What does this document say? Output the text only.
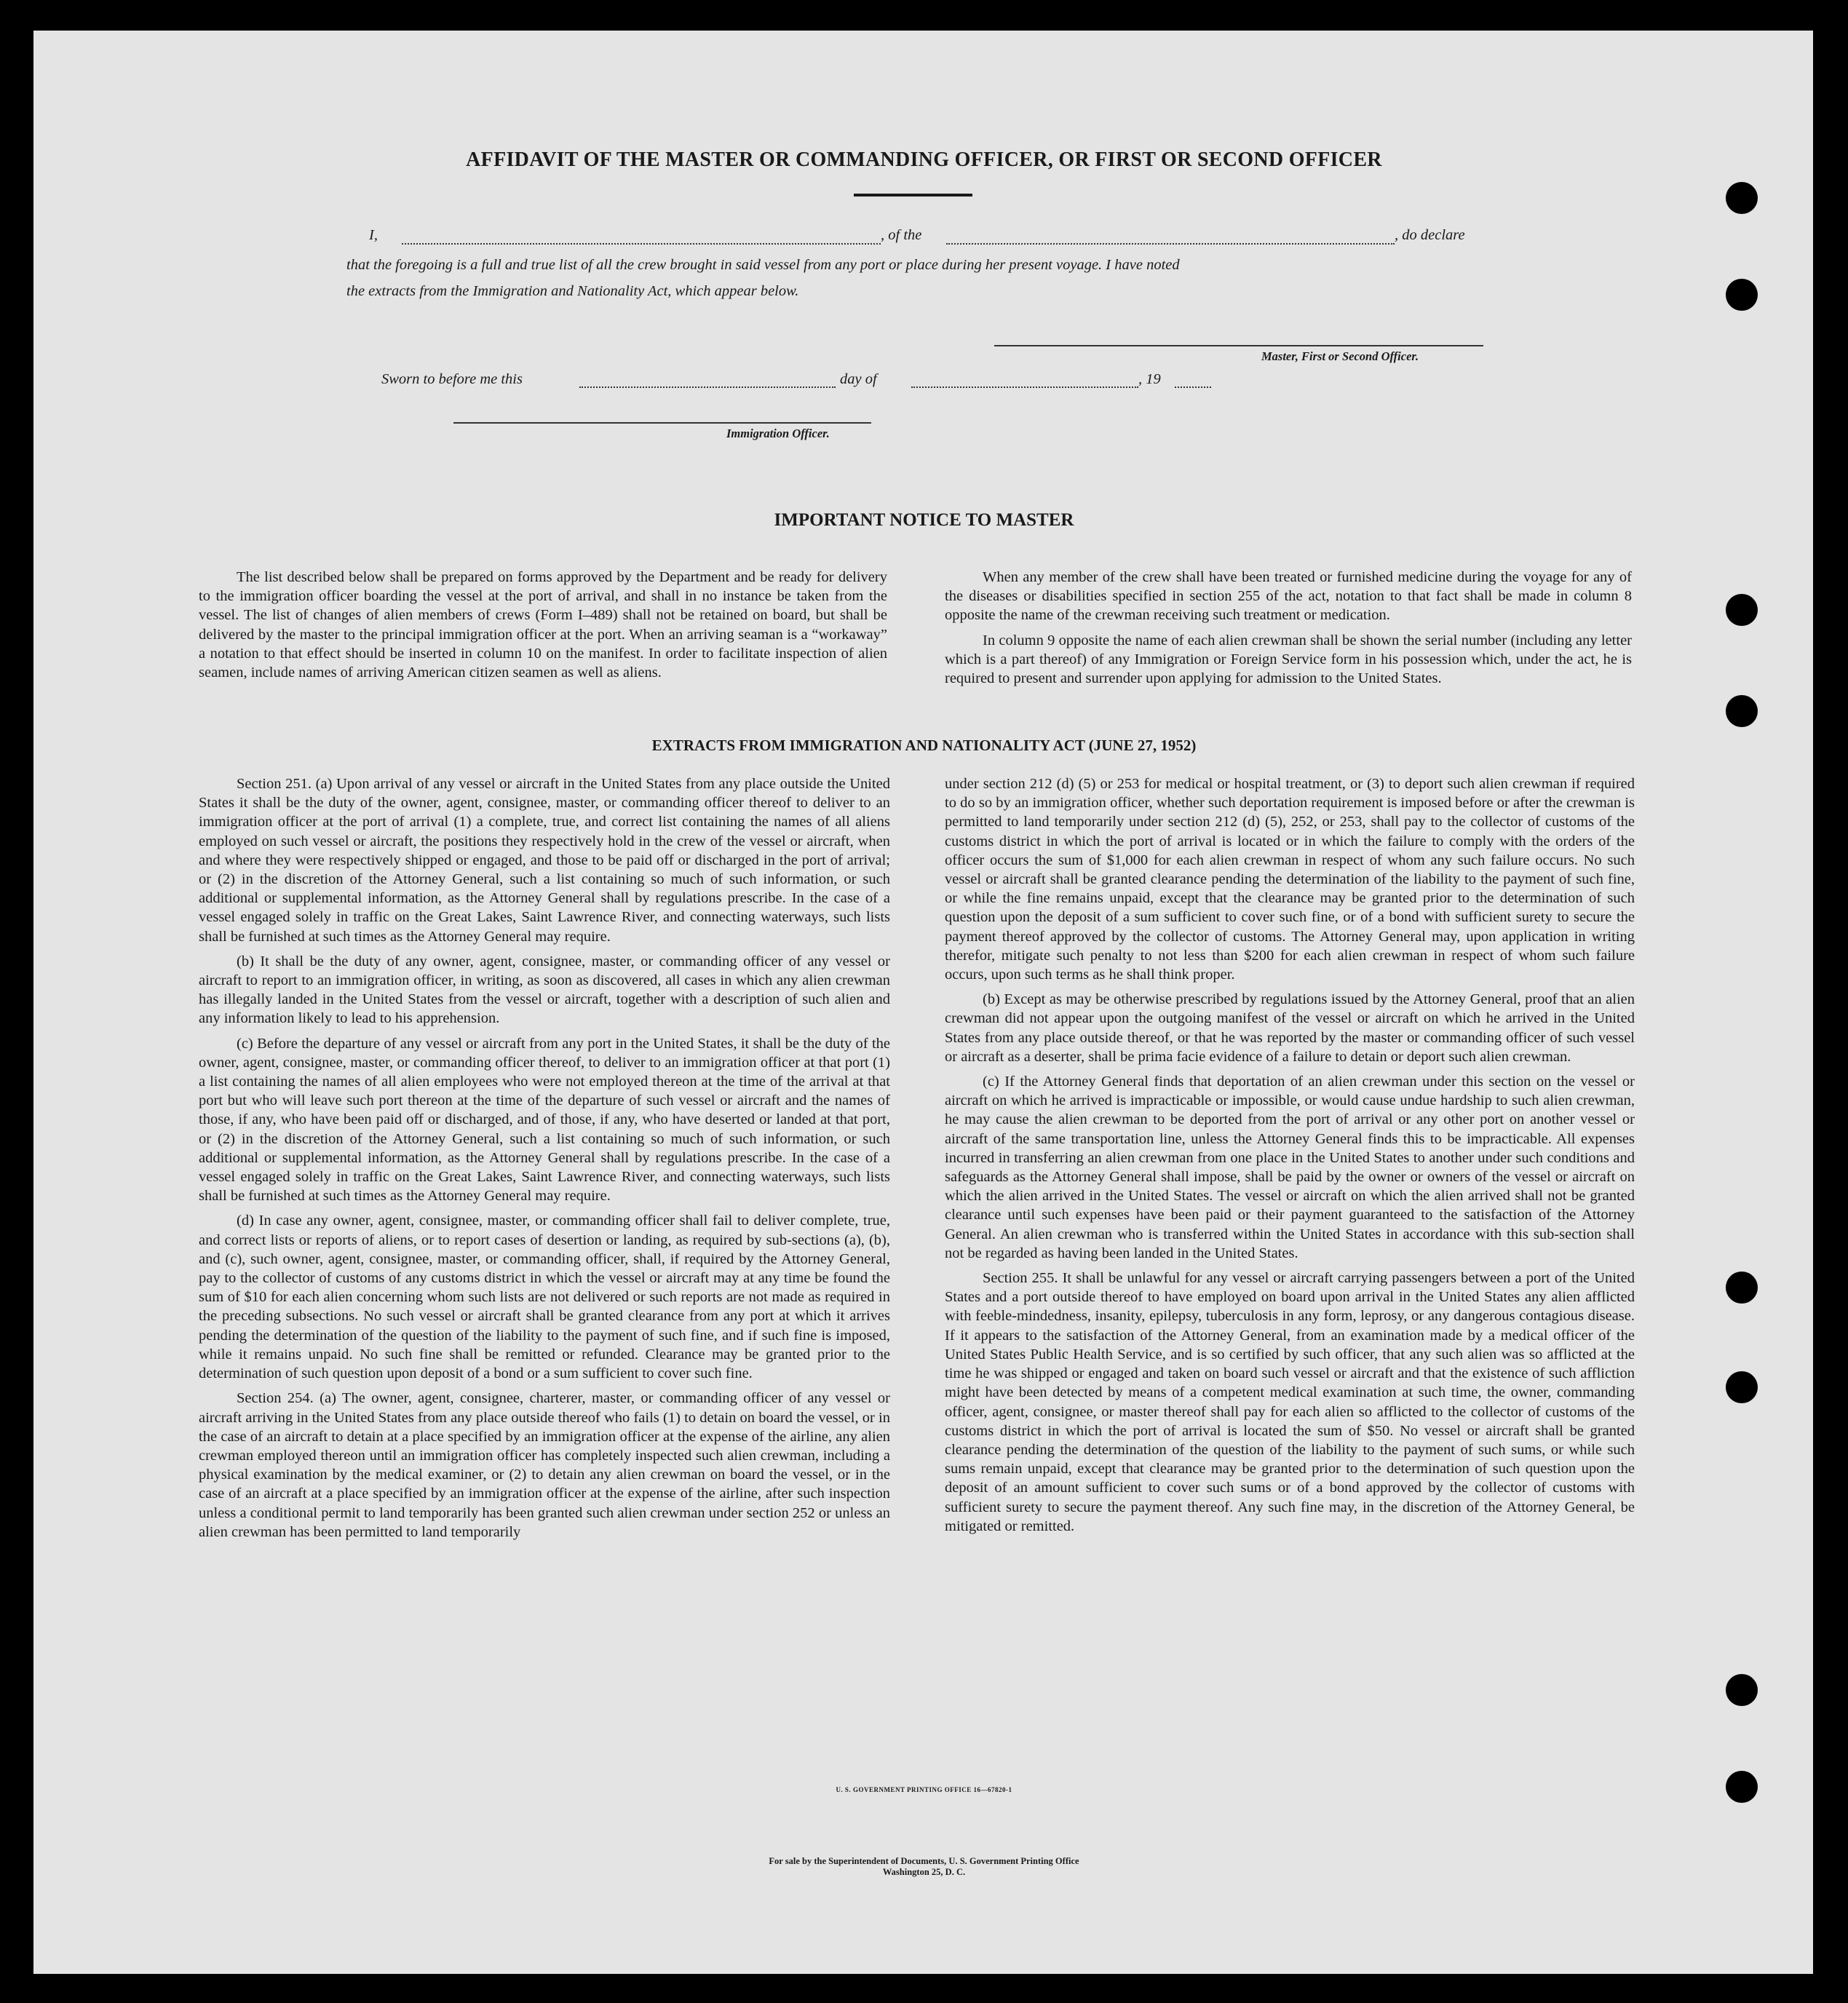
AFFIDAVIT OF THE MASTER OR COMMANDING OFFICER, OR FIRST OR SECOND OFFICER
I,	, of the	, do declare
that the foregoing is a full and true list of all the crew brought in said vessel from any port or place during her present voyage. I have noted
the extracts from the Immigration and Nationality Act, which appear below.
Master, First or Second Officer.
Sworn to before me this	day of	, 19
Immigration Officer.
IMPORTANT NOTICE TO MASTER

The list described below shall be prepared on forms approved by the Department and be ready for delivery to the immigration officer boarding the vessel at the port of arrival, and shall in no instance be taken from the vessel. The list of changes of alien members of crews (Form I–489) shall not be retained on board, but shall be delivered by the master to the principal immigration officer at the port. When an arriving seaman is a “workaway” a notation to that effect should be inserted in column 10 on the manifest. In order to facilitate inspection of alien seamen, include names of arriving American citizen seamen as well as aliens.

When any member of the crew shall have been treated or furnished medicine during the voyage for any of the diseases or disabilities specified in section 255 of the act, notation to that fact shall be made in column 8 opposite the name of the crewman receiving such treatment or medication.

In column 9 opposite the name of each alien crewman shall be shown the serial number (including any letter which is a part thereof) of any Immigration or Foreign Service form in his possession which, under the act, he is required to present and surrender upon applying for admission to the United States.

EXTRACTS FROM IMMIGRATION AND NATIONALITY ACT (JUNE 27, 1952)

Section 251. (a) Upon arrival of any vessel or aircraft in the United States from any place outside the United States it shall be the duty of the owner, agent, consignee, master, or commanding officer thereof to deliver to an immigration officer at the port of arrival (1) a complete, true, and correct list containing the names of all aliens employed on such vessel or aircraft, the positions they respectively hold in the crew of the vessel or aircraft, when and where they were respectively shipped or engaged, and those to be paid off or discharged in the port of arrival; or (2) in the discretion of the Attorney General, such a list containing so much of such information, or such additional or supplemental information, as the Attorney General shall by regulations prescribe. In the case of a vessel engaged solely in traffic on the Great Lakes, Saint Lawrence River, and connecting waterways, such lists shall be furnished at such times as the Attorney General may require.

(b) It shall be the duty of any owner, agent, consignee, master, or commanding officer of any vessel or aircraft to report to an immigration officer, in writing, as soon as discovered, all cases in which any alien crewman has illegally landed in the United States from the vessel or aircraft, together with a description of such alien and any information likely to lead to his apprehension.

(c) Before the departure of any vessel or aircraft from any port in the United States, it shall be the duty of the owner, agent, consignee, master, or commanding officer thereof, to deliver to an immigration officer at that port (1) a list containing the names of all alien employees who were not employed thereon at the time of the arrival at that port but who will leave such port thereon at the time of the departure of such vessel or aircraft and the names of those, if any, who have been paid off or discharged, and of those, if any, who have deserted or landed at that port, or (2) in the discretion of the Attorney General, such a list containing so much of such information, or such additional or supplemental information, as the Attorney General shall by regulations prescribe. In the case of a vessel engaged solely in traffic on the Great Lakes, Saint Lawrence River, and connecting waterways, such lists shall be furnished at such times as the Attorney General may require.

(d) In case any owner, agent, consignee, master, or commanding officer shall fail to deliver complete, true, and correct lists or reports of aliens, or to report cases of desertion or landing, as required by sub-sections (a), (b), and (c), such owner, agent, consignee, master, or commanding officer, shall, if required by the Attorney General, pay to the collector of customs of any customs district in which the vessel or aircraft may at any time be found the sum of $10 for each alien concerning whom such lists are not delivered or such reports are not made as required in the preceding subsections. No such vessel or aircraft shall be granted clearance from any port at which it arrives pending the determination of the question of the liability to the payment of such fine, and if such fine is imposed, while it remains unpaid. No such fine shall be remitted or refunded. Clearance may be granted prior to the determination of such question upon deposit of a bond or a sum sufficient to cover such fine.

Section 254. (a) The owner, agent, consignee, charterer, master, or commanding officer of any vessel or aircraft arriving in the United States from any place outside thereof who fails (1) to detain on board the vessel, or in the case of an aircraft to detain at a place specified by an immigration officer at the expense of the airline, any alien crewman employed thereon until an immigration officer has completely inspected such alien crewman, including a physical examination by the medical examiner, or (2) to detain any alien crewman on board the vessel, or in the case of an aircraft at a place specified by an immigration officer at the expense of the airline, after such inspection unless a conditional permit to land temporarily has been granted such alien crewman under section 252 or unless an alien crewman has been permitted to land temporarily

under section 212 (d) (5) or 253 for medical or hospital treatment, or (3) to deport such alien crewman if required to do so by an immigration officer, whether such deportation requirement is imposed before or after the crewman is permitted to land temporarily under section 212 (d) (5), 252, or 253, shall pay to the collector of customs of the customs district in which the port of arrival is located or in which the failure to comply with the orders of the officer occurs the sum of $1,000 for each alien crewman in respect of whom any such failure occurs. No such vessel or aircraft shall be granted clearance pending the determination of the liability to the payment of such fine, or while the fine remains unpaid, except that the clearance may be granted prior to the determination of such question upon the deposit of a sum sufficient to cover such fine, or of a bond with sufficient surety to secure the payment thereof approved by the collector of customs. The Attorney General may, upon application in writing therefor, mitigate such penalty to not less than $200 for each alien crewman in respect of whom such failure occurs, upon such terms as he shall think proper.

(b) Except as may be otherwise prescribed by regulations issued by the Attorney General, proof that an alien crewman did not appear upon the outgoing manifest of the vessel or aircraft on which he arrived in the United States from any place outside thereof, or that he was reported by the master or commanding officer of such vessel or aircraft as a deserter, shall be prima facie evidence of a failure to detain or deport such alien crewman.

(c) If the Attorney General finds that deportation of an alien crewman under this section on the vessel or aircraft on which he arrived is impracticable or impossible, or would cause undue hardship to such alien crewman, he may cause the alien crewman to be deported from the port of arrival or any other port on another vessel or aircraft of the same transportation line, unless the Attorney General finds this to be impracticable. All expenses incurred in transferring an alien crewman from one place in the United States to another under such conditions and safeguards as the Attorney General shall impose, shall be paid by the owner or owners of the vessel or aircraft on which the alien arrived in the United States. The vessel or aircraft on which the alien arrived shall not be granted clearance until such expenses have been paid or their payment guaranteed to the satisfaction of the Attorney General. An alien crewman who is transferred within the United States in accordance with this sub-section shall not be regarded as having been landed in the United States.

Section 255. It shall be unlawful for any vessel or aircraft carrying passengers between a port of the United States and a port outside thereof to have employed on board upon arrival in the United States any alien afflicted with feeble-mindedness, insanity, epilepsy, tuberculosis in any form, leprosy, or any dangerous contagious disease. If it appears to the satisfaction of the Attorney General, from an examination made by a medical officer of the United States Public Health Service, and is so certified by such officer, that any such alien was so afflicted at the time he was shipped or engaged and taken on board such vessel or aircraft and that the existence of such affliction might have been detected by means of a competent medical examination at such time, the owner, commanding officer, agent, consignee, or master thereof shall pay for each alien so afflicted to the collector of customs of the customs district in which the port of arrival is located the sum of $50. No vessel or aircraft shall be granted clearance pending the determination of the question of the liability to the payment of such sums, or while such sums remain unpaid, except that clearance may be granted prior to the determination of such question upon the deposit of an amount sufficient to cover such sums or of a bond approved by the collector of customs with sufficient surety to secure the payment thereof. Any such fine may, in the discretion of the Attorney General, be mitigated or remitted.

U. S. GOVERNMENT PRINTING OFFICE 16—67820-1
For sale by the Superintendent of Documents, U. S. Government Printing Office
Washington 25, D. C.
